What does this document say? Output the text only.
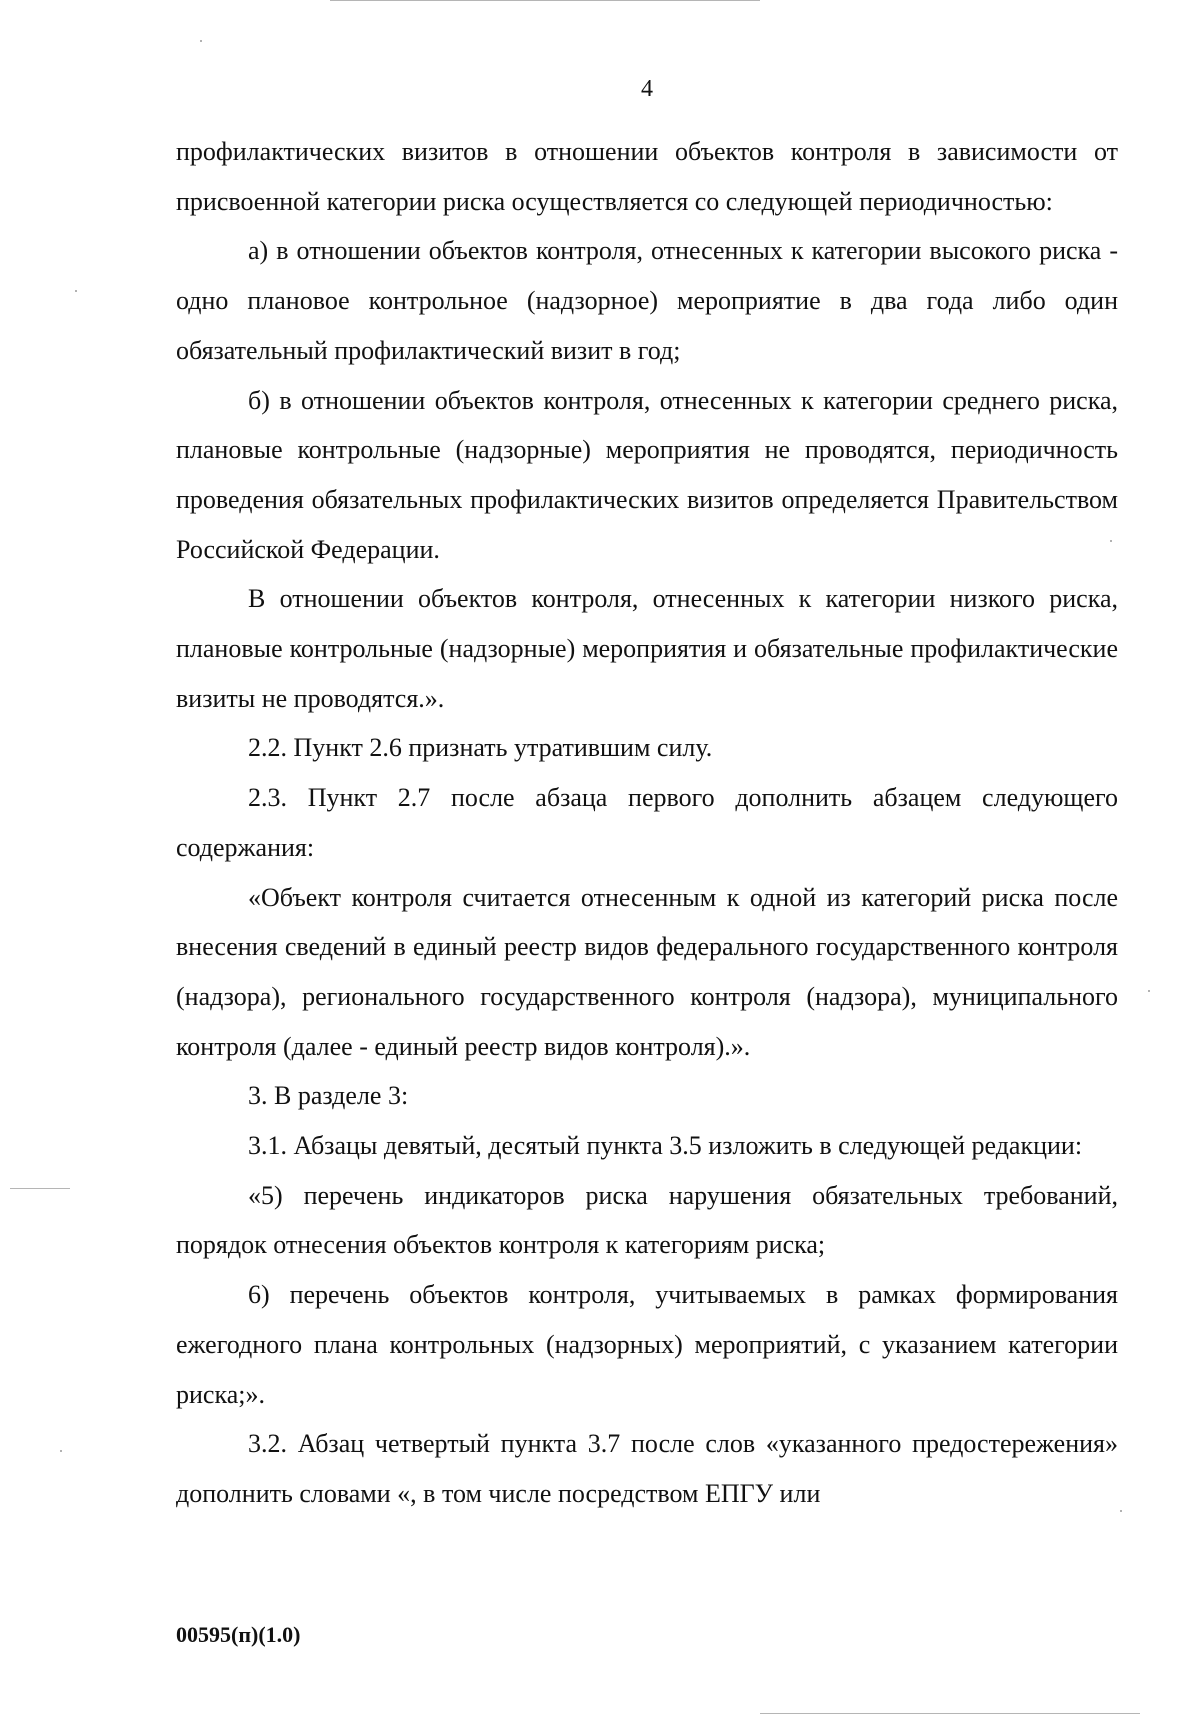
4

профилактических визитов в отношении объектов контроля в зависимости от присвоенной категории риска осуществляется со следующей периодичностью:

а) в отношении объектов контроля, отнесенных к категории высокого риска - одно плановое контрольное (надзорное) мероприятие в два года либо один обязательный профилактический визит в год;

б) в отношении объектов контроля, отнесенных к категории среднего риска, плановые контрольные (надзорные) мероприятия не проводятся, периодичность проведения обязательных профилактических визитов определяется Правительством Российской Федерации.

В отношении объектов контроля, отнесенных к категории низкого риска, плановые контрольные (надзорные) мероприятия и обязательные профилактические визиты не проводятся.».

2.2. Пункт 2.6 признать утратившим силу.

2.3. Пункт 2.7 после абзаца первого дополнить абзацем следующего содержания:

«Объект контроля считается отнесенным к одной из категорий риска после внесения сведений в единый реестр видов федерального государственного контроля (надзора), регионального государственного контроля (надзора), муниципального контроля (далее - единый реестр видов контроля).».

3. В разделе 3:

3.1. Абзацы девятый, десятый пункта 3.5 изложить в следующей редакции:

«5) перечень индикаторов риска нарушения обязательных требований, порядок отнесения объектов контроля к категориям риска;

6) перечень объектов контроля, учитываемых в рамках формирования ежегодного плана контрольных (надзорных) мероприятий, с указанием категории риска;».

3.2. Абзац четвертый пункта 3.7 после слов «указанного предостережения» дополнить словами «, в том числе посредством ЕПГУ или

00595(п)(1.0)
